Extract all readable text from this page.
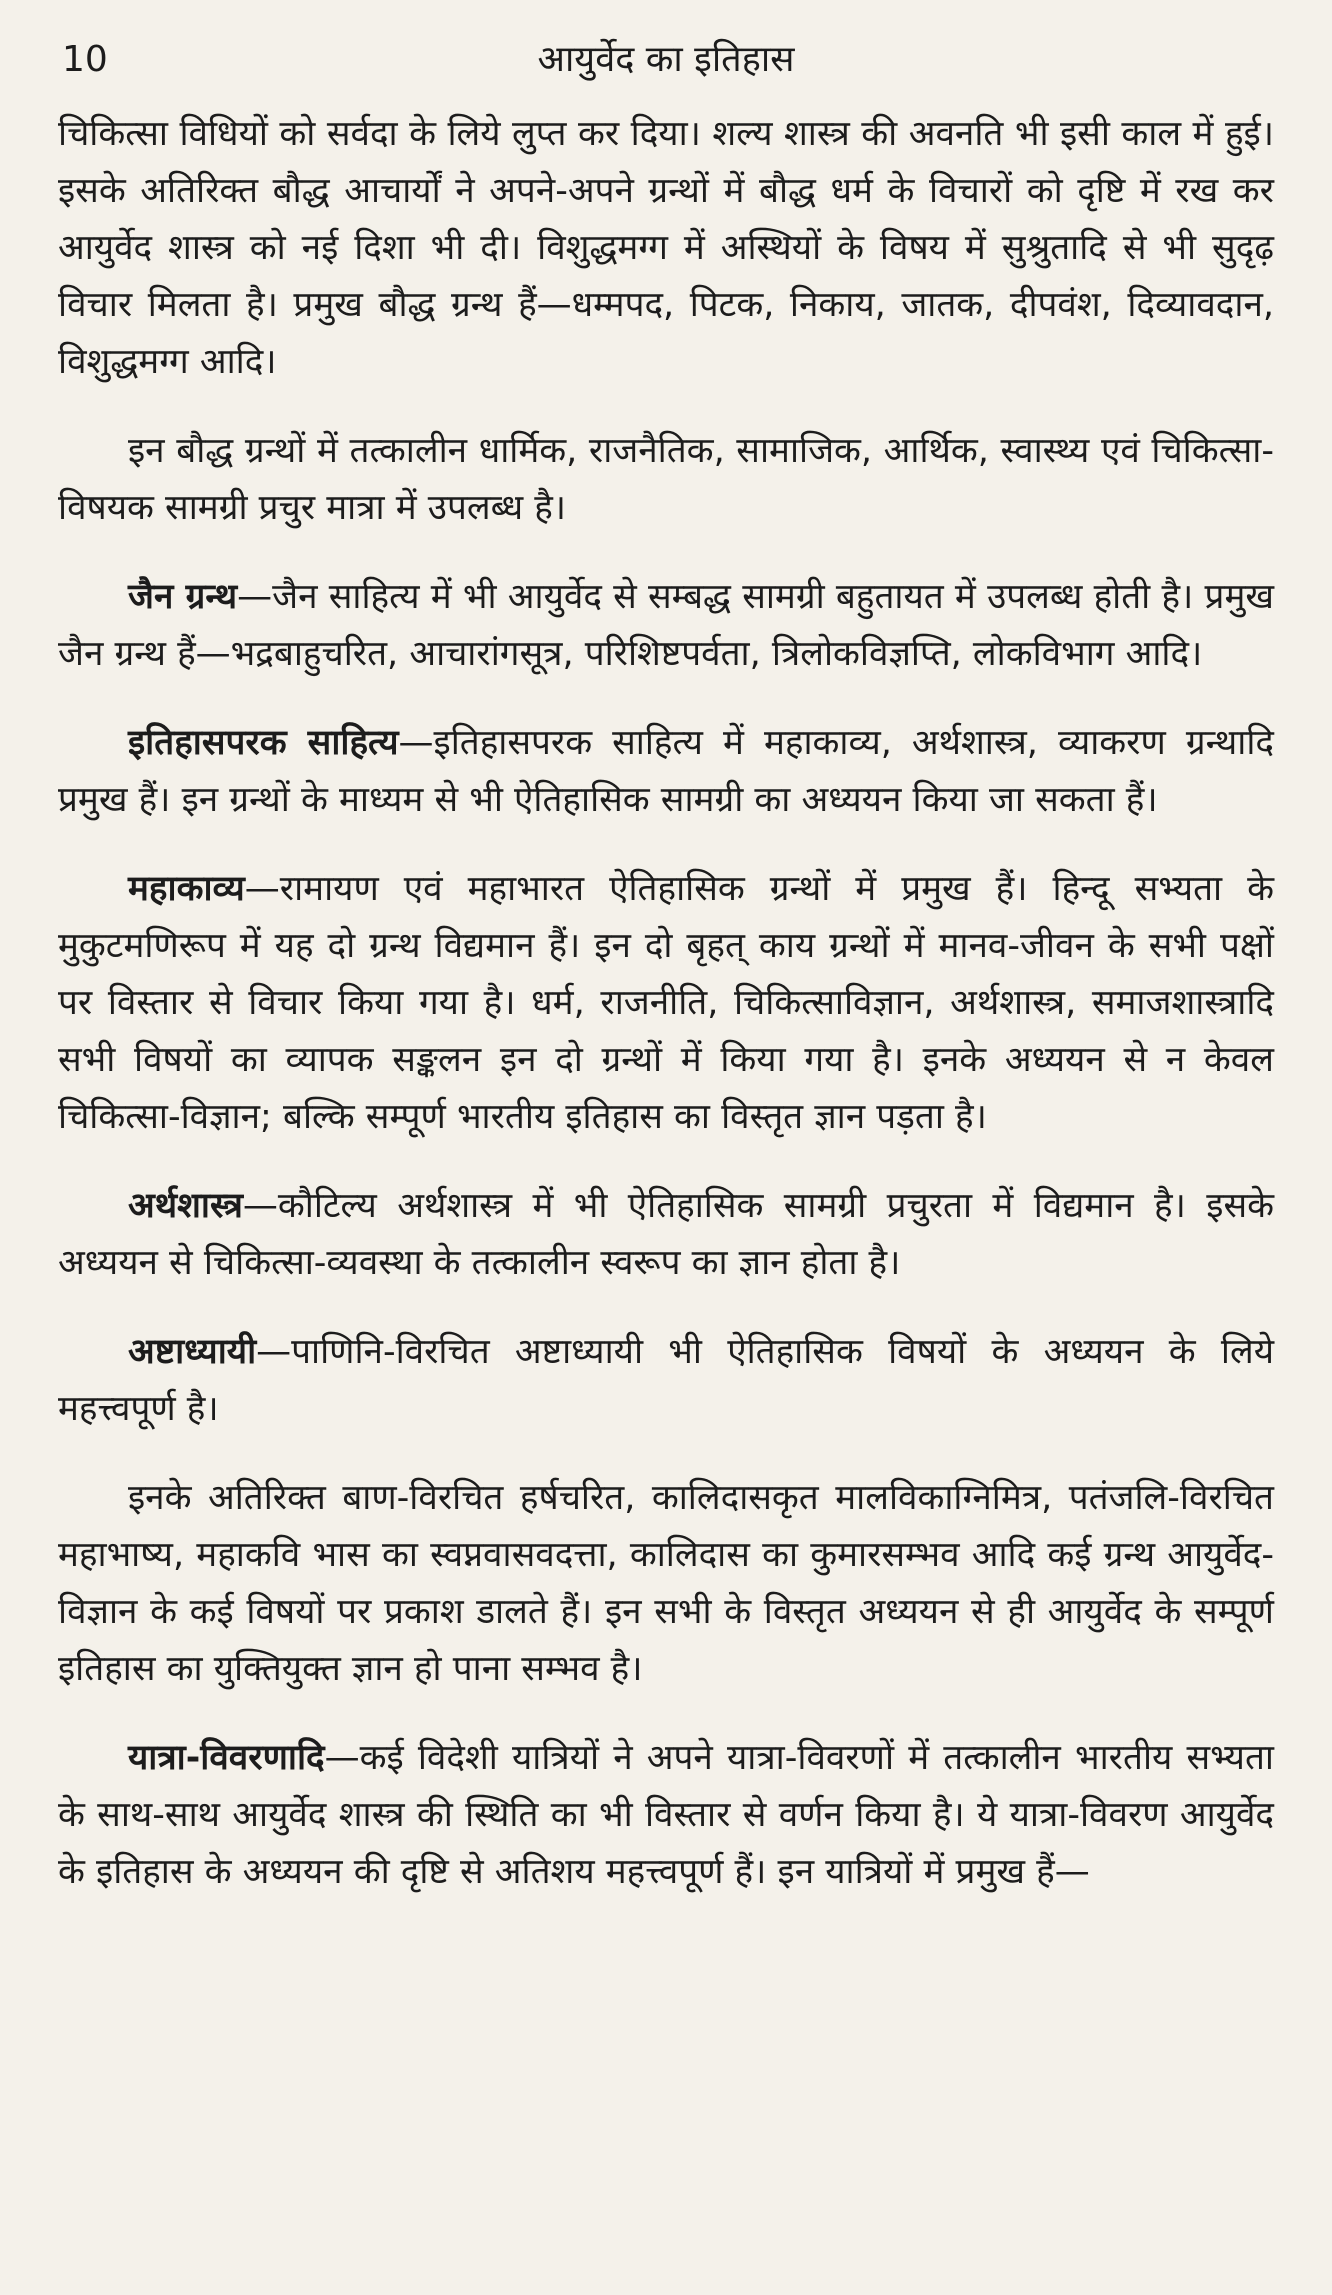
10	आयुर्वेद का इतिहास

चिकित्सा विधियों को सर्वदा के लिये लुप्त कर दिया। शल्य शास्त्र की अवनति भी इसी काल में हुई। इसके अतिरिक्त बौद्ध आचार्यों ने अपने-अपने ग्रन्थों में बौद्ध धर्म के विचारों को दृष्टि में रख कर आयुर्वेद शास्त्र को नई दिशा भी दी। विशुद्धमग्ग में अस्थियों के विषय में सुश्रुतादि से भी सुदृढ़ विचार मिलता है। प्रमुख बौद्ध ग्रन्थ हैं—धम्मपद, पिटक, निकाय, जातक, दीपवंश, दिव्यावदान, विशुद्धमग्ग आदि।

इन बौद्ध ग्रन्थों में तत्कालीन धार्मिक, राजनैतिक, सामाजिक, आर्थिक, स्वास्थ्य एवं चिकित्सा-विषयक सामग्री प्रचुर मात्रा में उपलब्ध है।

जैन ग्रन्थ—जैन साहित्य में भी आयुर्वेद से सम्बद्ध सामग्री बहुतायत में उपलब्ध होती है। प्रमुख जैन ग्रन्थ हैं—भद्रबाहुचरित, आचारांगसूत्र, परिशिष्टपर्वता, त्रिलोकविज्ञप्ति, लोकविभाग आदि।

इतिहासपरक साहित्य—इतिहासपरक साहित्य में महाकाव्य, अर्थशास्त्र, व्याकरण ग्रन्थादि प्रमुख हैं। इन ग्रन्थों के माध्यम से भी ऐतिहासिक सामग्री का अध्ययन किया जा सकता हैं।

महाकाव्य—रामायण एवं महाभारत ऐतिहासिक ग्रन्थों में प्रमुख हैं। हिन्दू सभ्यता के मुकुटमणिरूप में यह दो ग्रन्थ विद्यमान हैं। इन दो बृहत् काय ग्रन्थों में मानव-जीवन के सभी पक्षों पर विस्तार से विचार किया गया है। धर्म, राजनीति, चिकित्साविज्ञान, अर्थशास्त्र, समाजशास्त्रादि सभी विषयों का व्यापक सङ्कलन इन दो ग्रन्थों में किया गया है। इनके अध्ययन से न केवल चिकित्सा-विज्ञान; बल्कि सम्पूर्ण भारतीय इतिहास का विस्तृत ज्ञान पड़ता है।

अर्थशास्त्र—कौटिल्य अर्थशास्त्र में भी ऐतिहासिक सामग्री प्रचुरता में विद्यमान है। इसके अध्ययन से चिकित्सा-व्यवस्था के तत्कालीन स्वरूप का ज्ञान होता है।

अष्टाध्यायी—पाणिनि-विरचित अष्टाध्यायी भी ऐतिहासिक विषयों के अध्ययन के लिये महत्त्वपूर्ण है।

इनके अतिरिक्त बाण-विरचित हर्षचरित, कालिदासकृत मालविकाग्निमित्र, पतंजलि-विरचित महाभाष्य, महाकवि भास का स्वप्नवासवदत्ता, कालिदास का कुमारसम्भव आदि कई ग्रन्थ आयुर्वेद-विज्ञान के कई विषयों पर प्रकाश डालते हैं। इन सभी के विस्तृत अध्ययन से ही आयुर्वेद के सम्पूर्ण इतिहास का युक्तियुक्त ज्ञान हो पाना सम्भव है।

यात्रा-विवरणादि—कई विदेशी यात्रियों ने अपने यात्रा-विवरणों में तत्कालीन भारतीय सभ्यता के साथ-साथ आयुर्वेद शास्त्र की स्थिति का भी विस्तार से वर्णन किया है। ये यात्रा-विवरण आयुर्वेद के इतिहास के अध्ययन की दृष्टि से अतिशय महत्त्वपूर्ण हैं। इन यात्रियों में प्रमुख हैं—
